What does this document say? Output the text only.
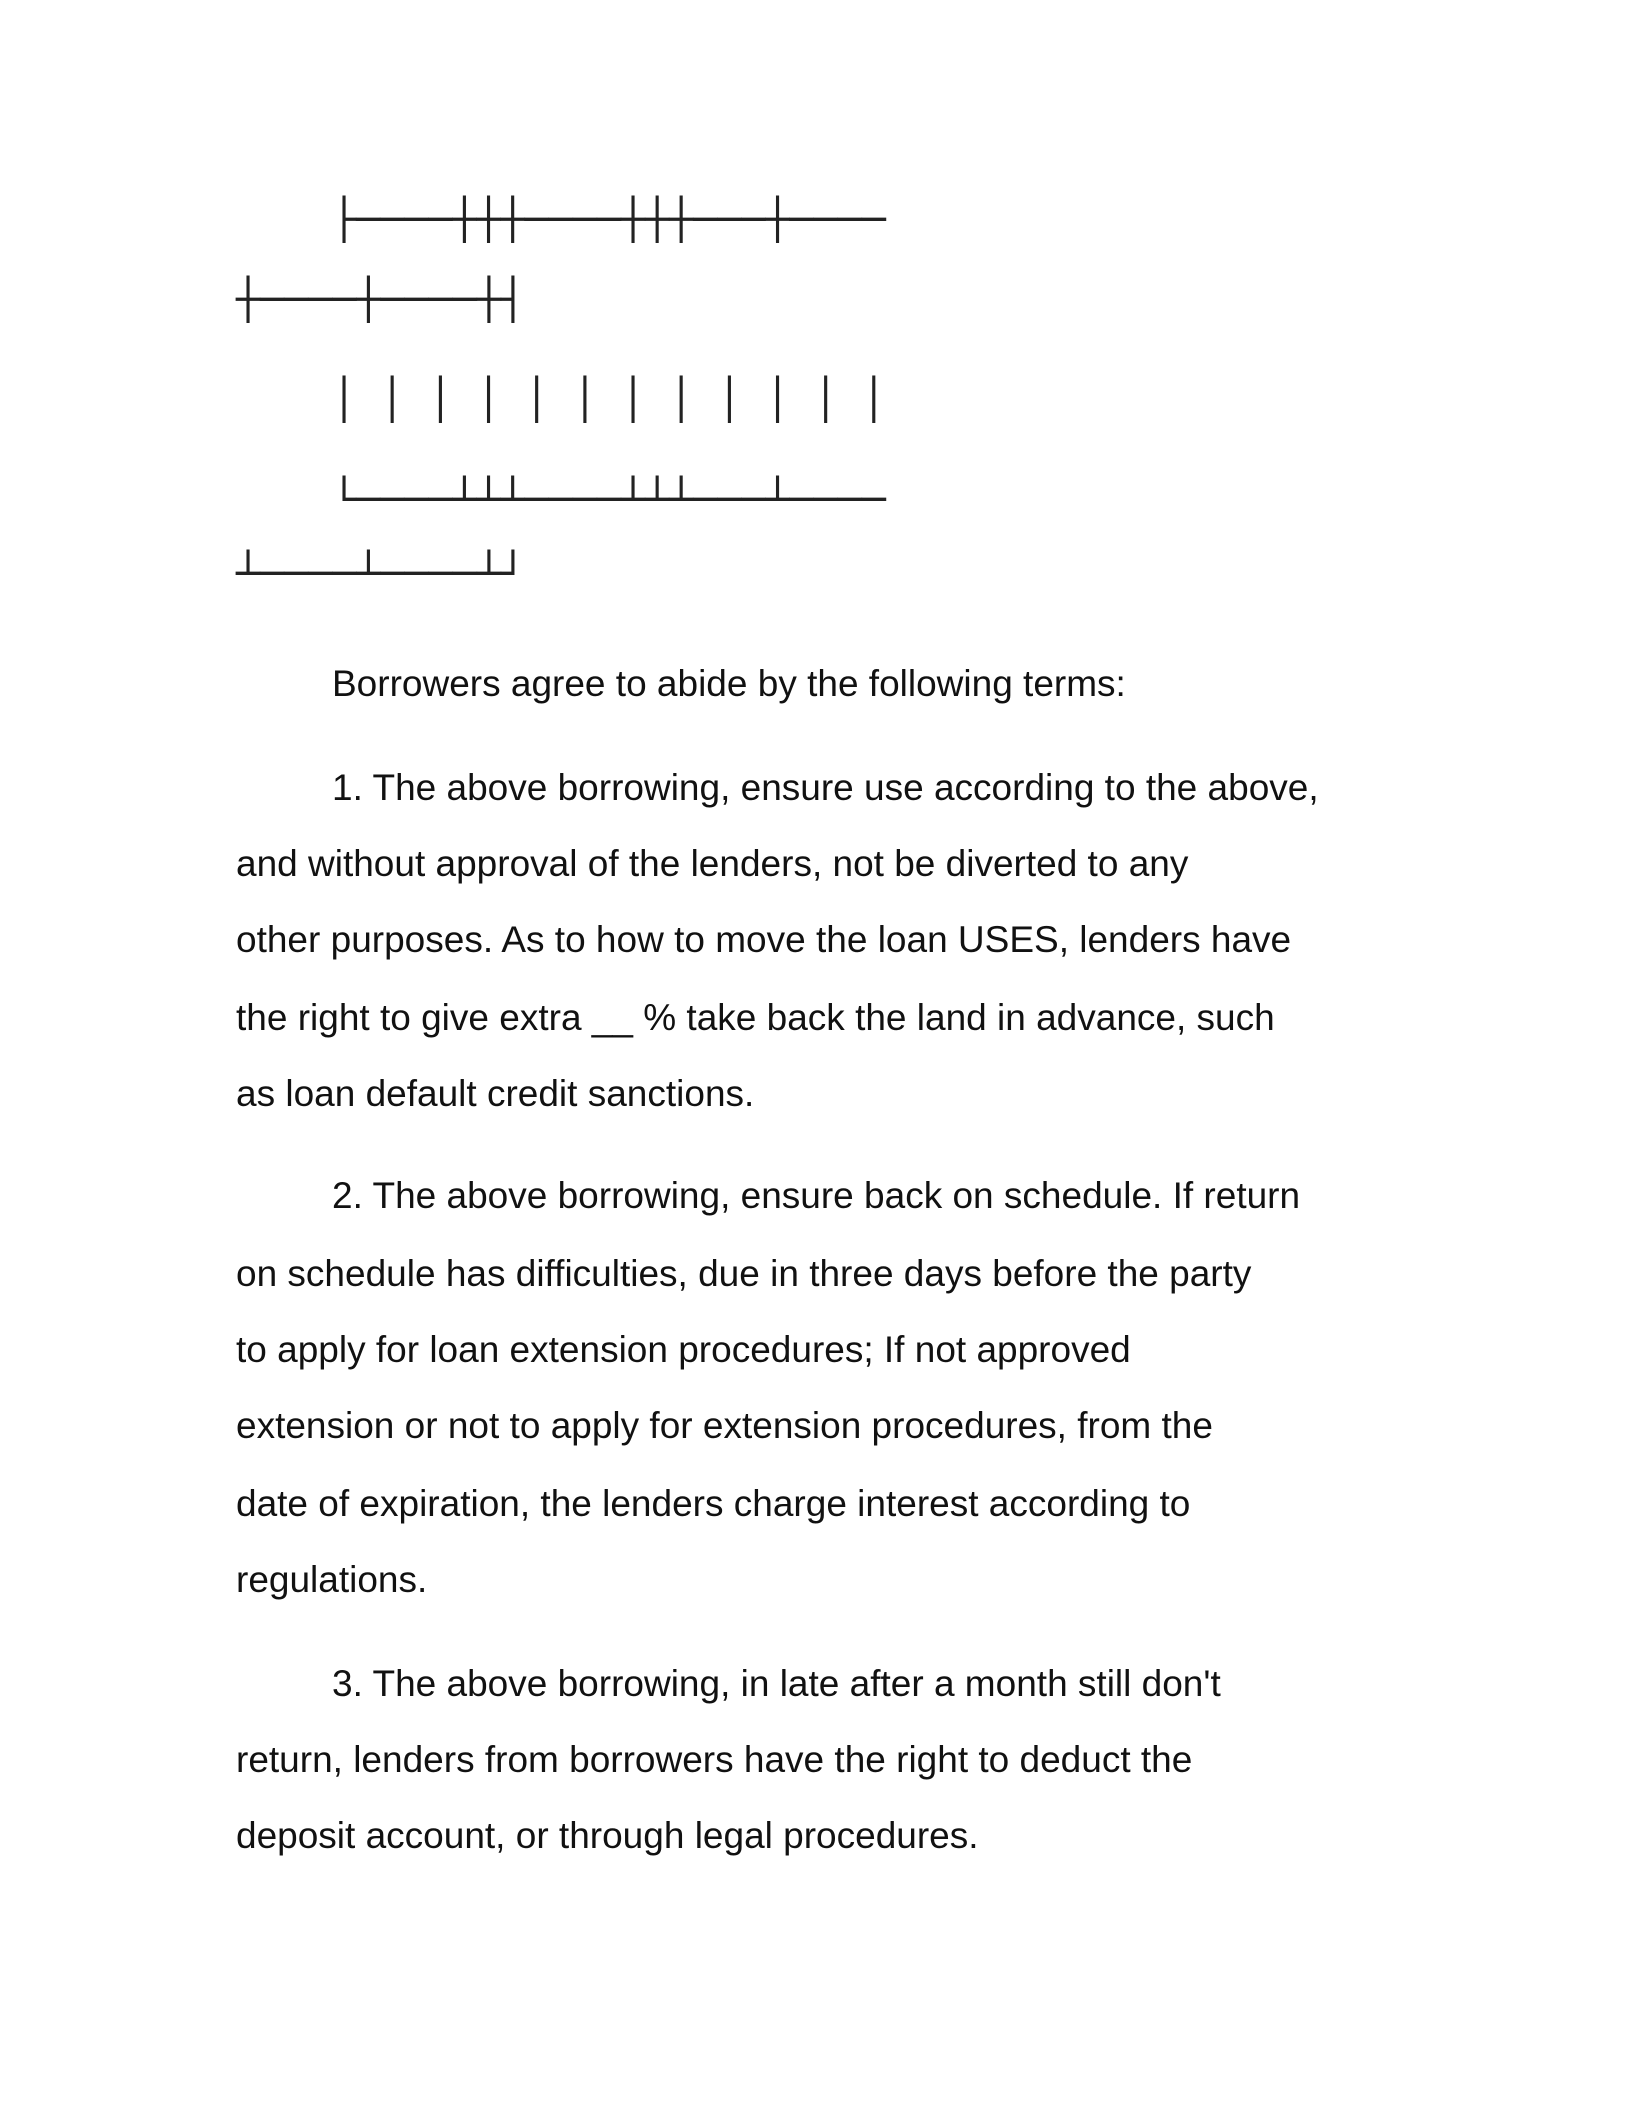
├────┼┼┼────┼┼┼───┼────
┼────┼────┼┤
│ │ │ │ │ │ │ │ │ │ │ │
└────┴┴┴────┴┴┴───┴────
┴────┴────┴┘
Borrowers agree to abide by the following terms:
1. The above borrowing, ensure use according to the above,
and without approval of the lenders, not be diverted to any
other purposes. As to how to move the loan USES, lenders have
the right to give extra __ % take back the land in advance, such
as loan default credit sanctions.
2. The above borrowing, ensure back on schedule. If return
on schedule has difficulties, due in three days before the party
to apply for loan extension procedures; If not approved
extension or not to apply for extension procedures, from the
date of expiration, the lenders charge interest according to
regulations.
3. The above borrowing, in late after a month still don't
return, lenders from borrowers have the right to deduct the
deposit account, or through legal procedures.
